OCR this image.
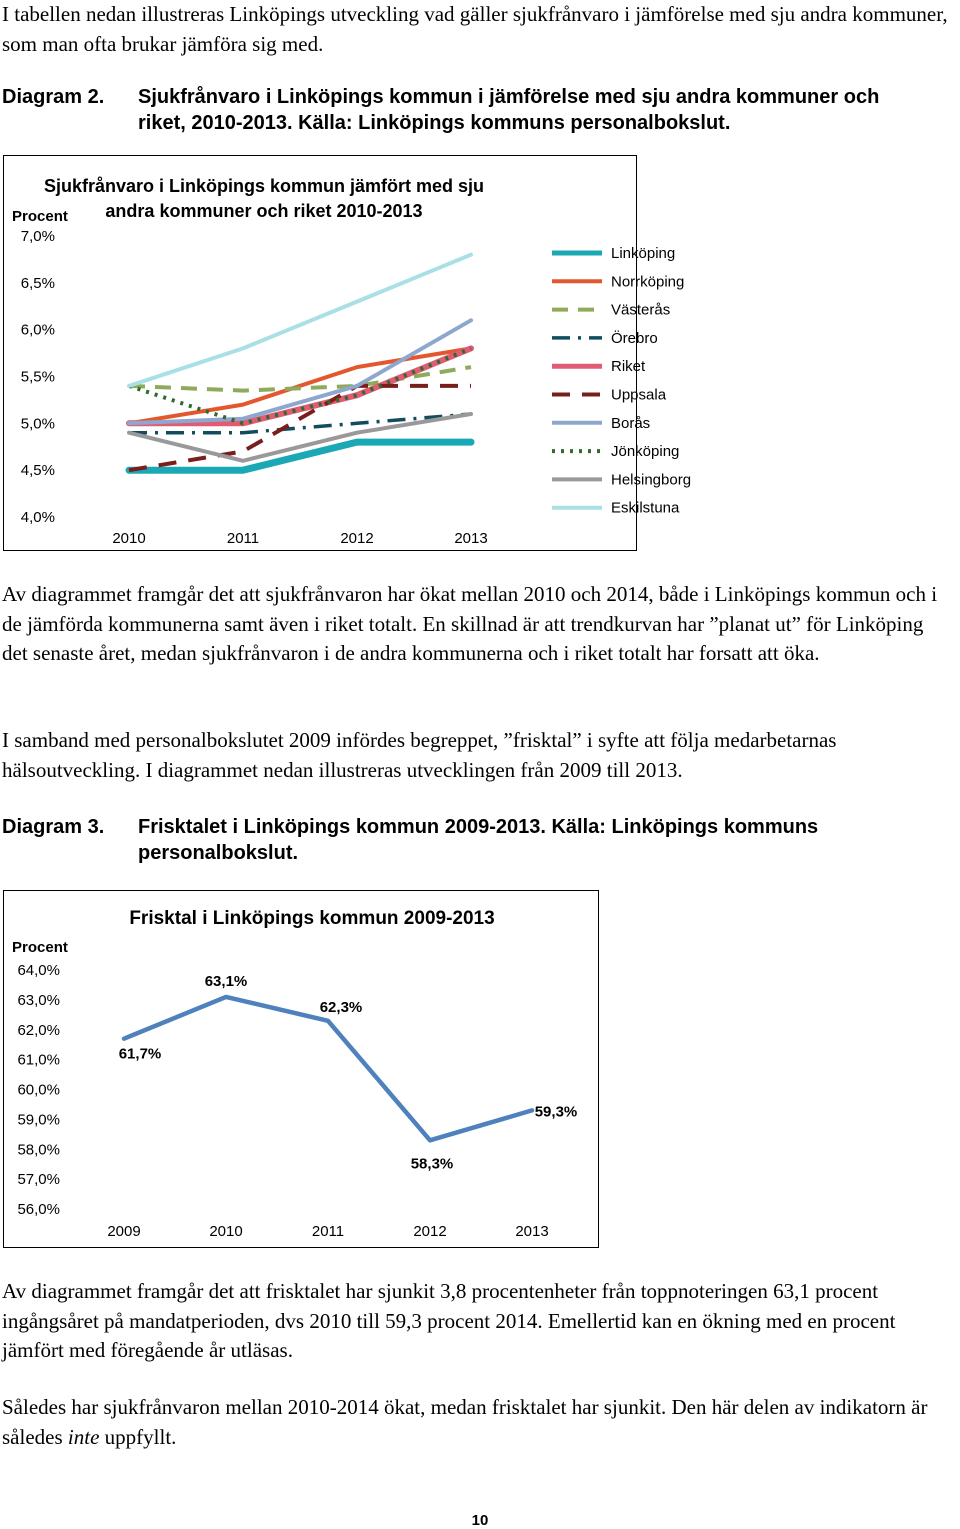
I tabellen nedan illustreras Linköpings utveckling vad gäller sjukfrånvaro i jämförelse med sju andra kommuner, som man ofta brukar jämföra sig med.
Diagram 2. Sjukfrånvaro i Linköpings kommun i jämförelse med sju andra kommuner och
riket, 2010-2013. Källa: Linköpings kommuns personalbokslut.
Sjukfrånvaro i Linköpings kommun jämfört med sju
andra kommuner och riket 2010-2013
Procent
7,0%
6,5%
6,0%
5,5%
5,0%
4,5%
4,0%
2010	2011	2012	2013
Linköping
Norrköping
Västerås
Örebro
Riket
Uppsala
Borås
Jönköping
Helsingborg
Eskilstuna
Av diagrammet framgår det att sjukfrånvaron har ökat mellan 2010 och 2014, både i Linköpings kommun och i de jämförda kommunerna samt även i riket totalt. En skillnad är att trendkurvan har ”planat ut” för Linköping det senaste året, medan sjukfrånvaron i de andra kommunerna och i riket totalt har forsatt att öka.
I samband med personalbokslutet 2009 infördes begreppet, ”frisktal” i syfte att följa medarbetarnas hälsoutveckling. I diagrammet nedan illustreras utvecklingen från 2009 till 2013.
Diagram 3. Frisktalet i Linköpings kommun 2009-2013. Källa: Linköpings kommuns
personalbokslut.
Frisktal i Linköpings kommun 2009-2013
Procent
64,0%
63,0%
62,0%
61,0%
60,0%
59,0%
58,0%
57,0%
56,0%
2009	2010	2011	2012	2013
61,7%
63,1%
62,3%
58,3%
59,3%
Av diagrammet framgår det att frisktalet har sjunkit 3,8 procentenheter från toppnoteringen 63,1 procent ingångsåret på mandatperioden, dvs 2010 till 59,3 procent 2014. Emellertid kan en ökning med en procent jämfört med föregående år utläsas.
Således har sjukfrånvaron mellan 2010-2014 ökat, medan frisktalet har sjunkit. Den här delen av indikatorn är således inte uppfyllt.
10
